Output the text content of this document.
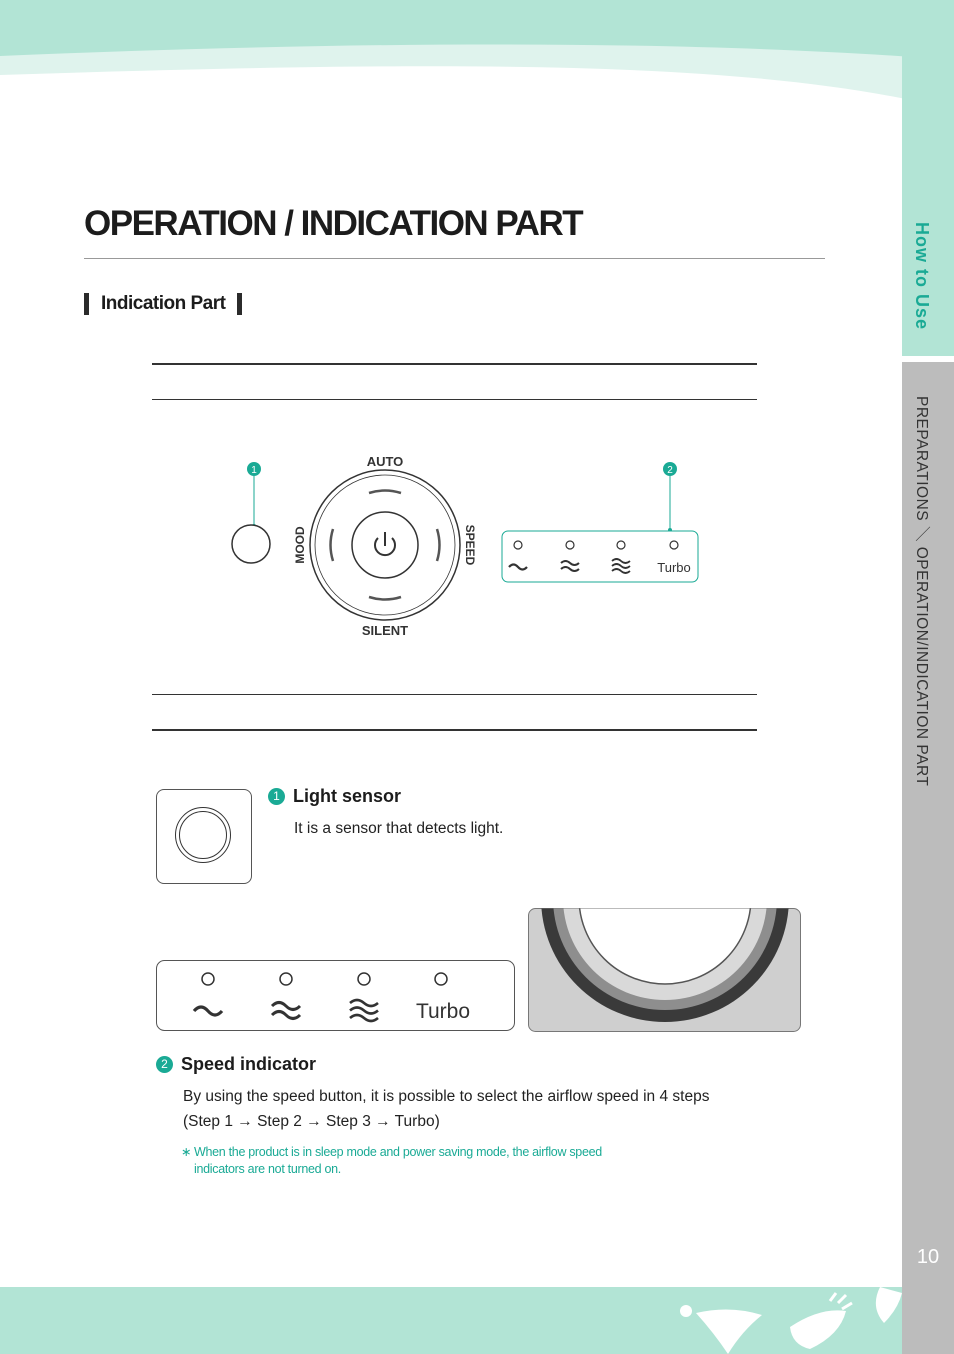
How to Use
PREPARATIONS ／ OPERATION/INDICATION PART
10
OPERATION / INDICATION PART
Indication Part
1
AUTO
SILENT
MOOD	SPEED
2
Turbo
1 Light sensor
It is a sensor that detects light.
Turbo
2 Speed indicator
By using the speed button, it is possible to select the airflow speed in 4 steps
(Step 1 → Step 2 → Step 3 → Turbo)
∗ When the product is in sleep mode and power saving mode, the airflow speed
indicators are not turned on.
